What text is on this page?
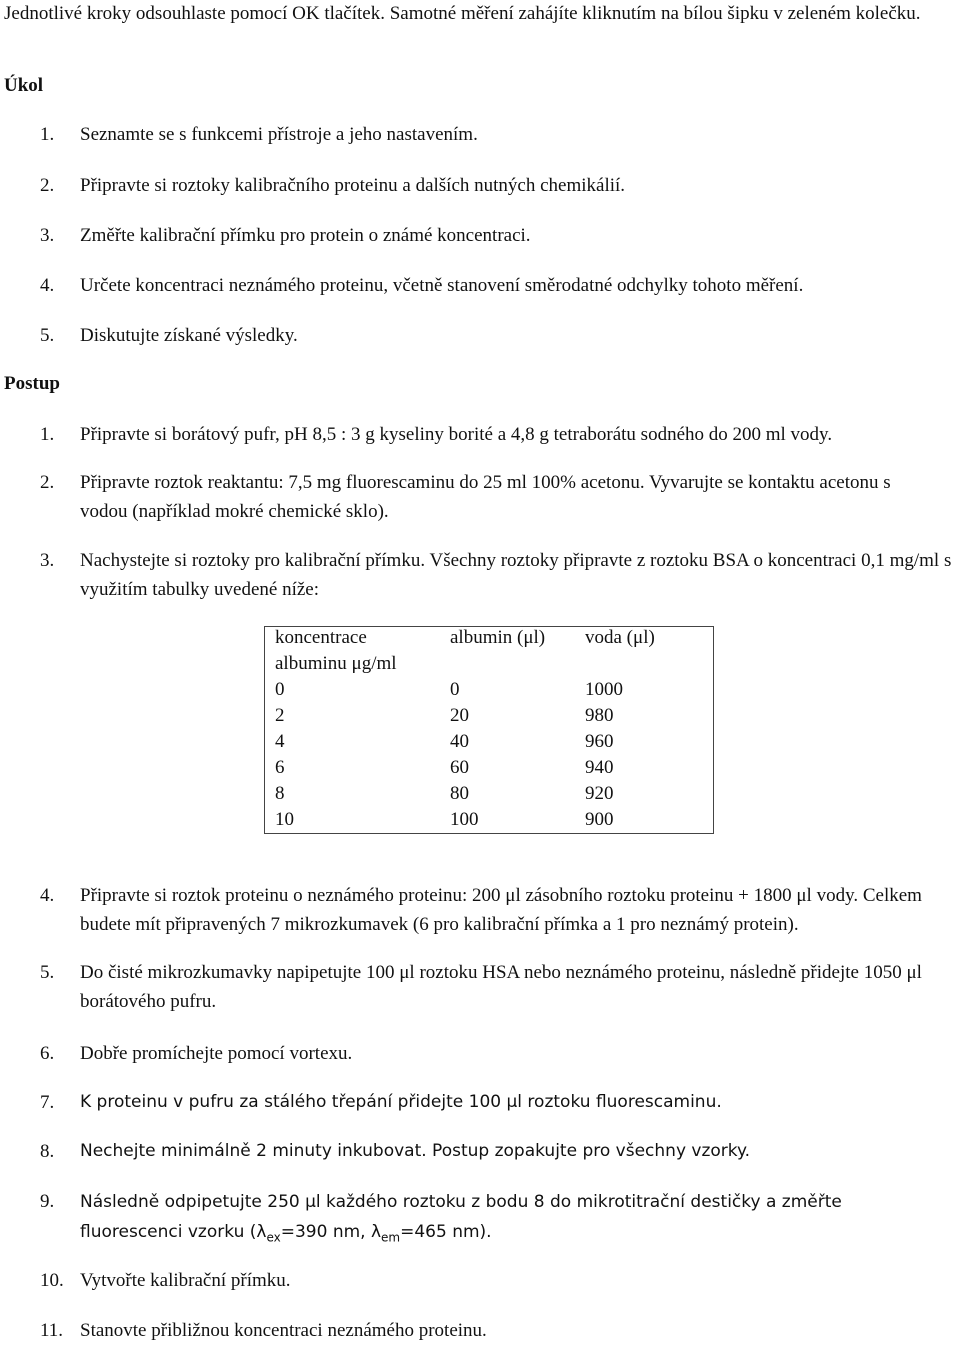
Jednotlivé kroky odsouhlaste pomocí OK tlačítek. Samotné měření zahájíte kliknutím na bílou šipku v zeleném kolečku.
Úkol
1. Seznamte se s funkcemi přístroje a jeho nastavením.
2. Připravte si roztoky kalibračního proteinu a dalších nutných chemikálií.
3. Změřte kalibrační přímku pro protein o známé koncentraci.
4. Určete koncentraci neznámého proteinu, včetně stanovení směrodatné odchylky tohoto měření.
5. Diskutujte získané výsledky.
Postup
1. Připravte si borátový pufr, pH 8,5 : 3 g kyseliny borité a 4,8 g tetraborátu sodného do 200 ml vody.
2. Připravte roztok reaktantu: 7,5 mg fluorescaminu do 25 ml 100% acetonu. Vyvarujte se kontaktu acetonu s vodou (například mokré chemické sklo).
3. Nachystejte si roztoky pro kalibrační přímku. Všechny roztoky připravte z roztoku BSA o koncentraci 0,1 mg/ml s využitím tabulky uvedené níže:
koncentrace albuminu μg/ml	albumin (μl)	voda (μl)
0	0	1000
2	20	980
4	40	960
6	60	940
8	80	920
10	100	900
4. Připravte si roztok proteinu o neznámého proteinu: 200 μl zásobního roztoku proteinu + 1800 μl vody. Celkem budete mít připravených 7 mikrozkumavek (6 pro kalibrační přímka a 1 pro neznámý protein).
5. Do čisté mikrozkumavky napipetujte 100 μl roztoku HSA nebo neznámého proteinu, následně přidejte 1050 μl borátového pufru.
6. Dobře promíchejte pomocí vortexu.
7. K proteinu v pufru za stálého třepání přidejte 100 μl roztoku fluorescaminu.
8. Nechejte minimálně 2 minuty inkubovat. Postup zopakujte pro všechny vzorky.
9. Následně odpipetujte 250 μl každého roztoku z bodu 8 do mikrotitrační destičky a změřte fluorescenci vzorku ($\lambda_{ex}=390$ nm, $\lambda_{em}=465$ nm).
10. Vytvořte kalibrační přímku.
11. Stanovte přibližnou koncentraci neznámého proteinu.
